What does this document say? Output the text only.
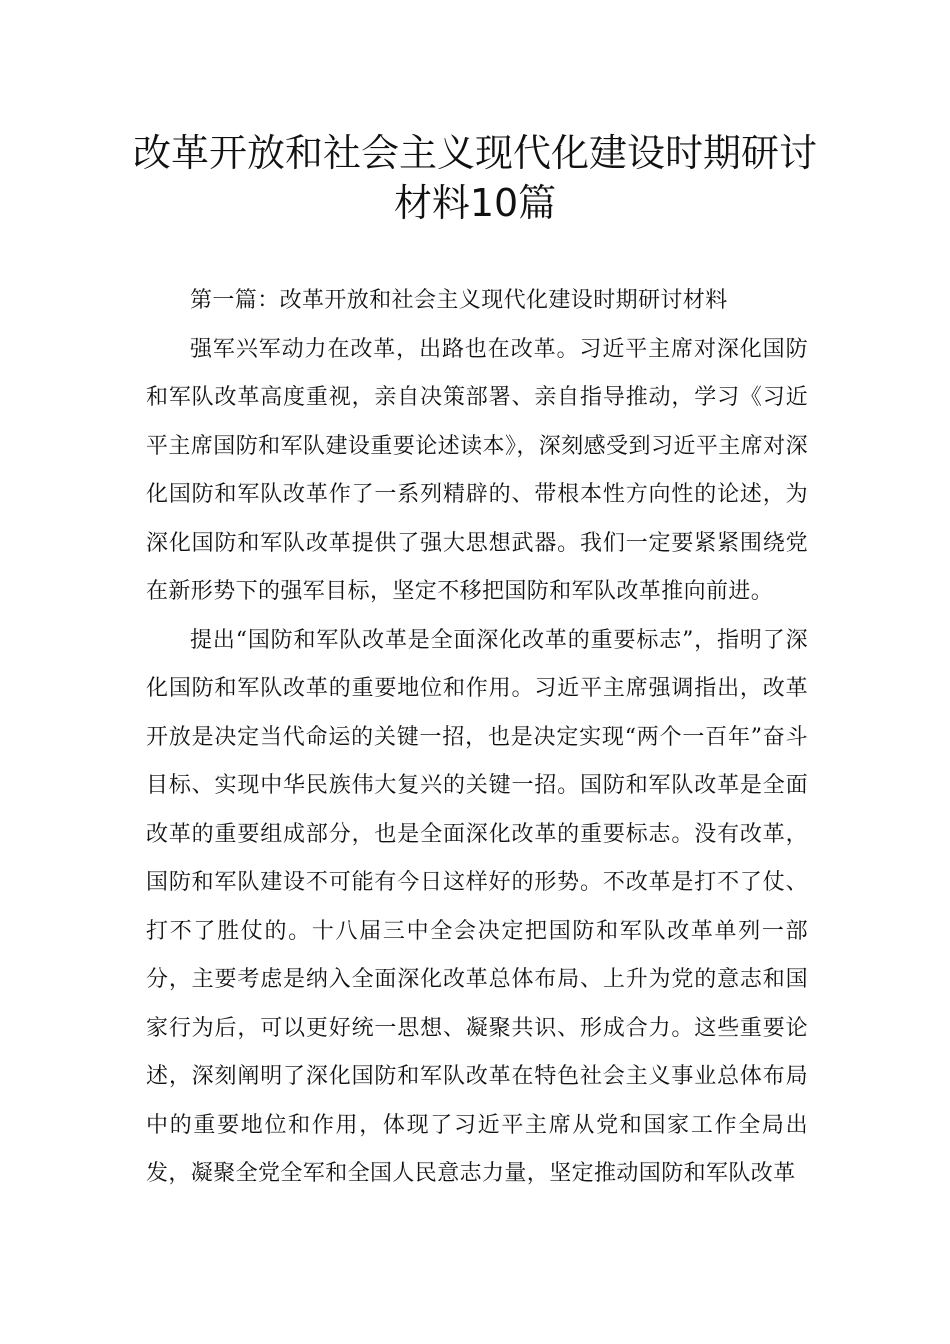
改革开放和社会主义现代化建设时期研讨材料10篇

第一篇：改革开放和社会主义现代化建设时期研讨材料

强军兴军动力在改革，出路也在改革。习近平主席对深化国防和军队改革高度重视，亲自决策部署、亲自指导推动，学习《习近平主席国防和军队建设重要论述读本》，深刻感受到习近平主席对深化国防和军队改革作了一系列精辟的、带根本性方向性的论述，为深化国防和军队改革提供了强大思想武器。我们一定要紧紧围绕党在新形势下的强军目标，坚定不移把国防和军队改革推向前进。

提出“国防和军队改革是全面深化改革的重要标志”，指明了深化国防和军队改革的重要地位和作用。习近平主席强调指出，改革开放是决定当代命运的关键一招，也是决定实现“两个一百年”奋斗目标、实现中华民族伟大复兴的关键一招。国防和军队改革是全面改革的重要组成部分，也是全面深化改革的重要标志。没有改革，国防和军队建设不可能有今日这样好的形势。不改革是打不了仗、打不了胜仗的。十八届三中全会决定把国防和军队改革单列一部分，主要考虑是纳入全面深化改革总体布局、上升为党的意志和国家行为后，可以更好统一思想、凝聚共识、形成合力。这些重要论述，深刻阐明了深化国防和军队改革在特色社会主义事业总体布局中的重要地位和作用，体现了习近平主席从党和国家工作全局出发，凝聚全党全军和全国人民意志力量，坚定推动国防和军队改革
